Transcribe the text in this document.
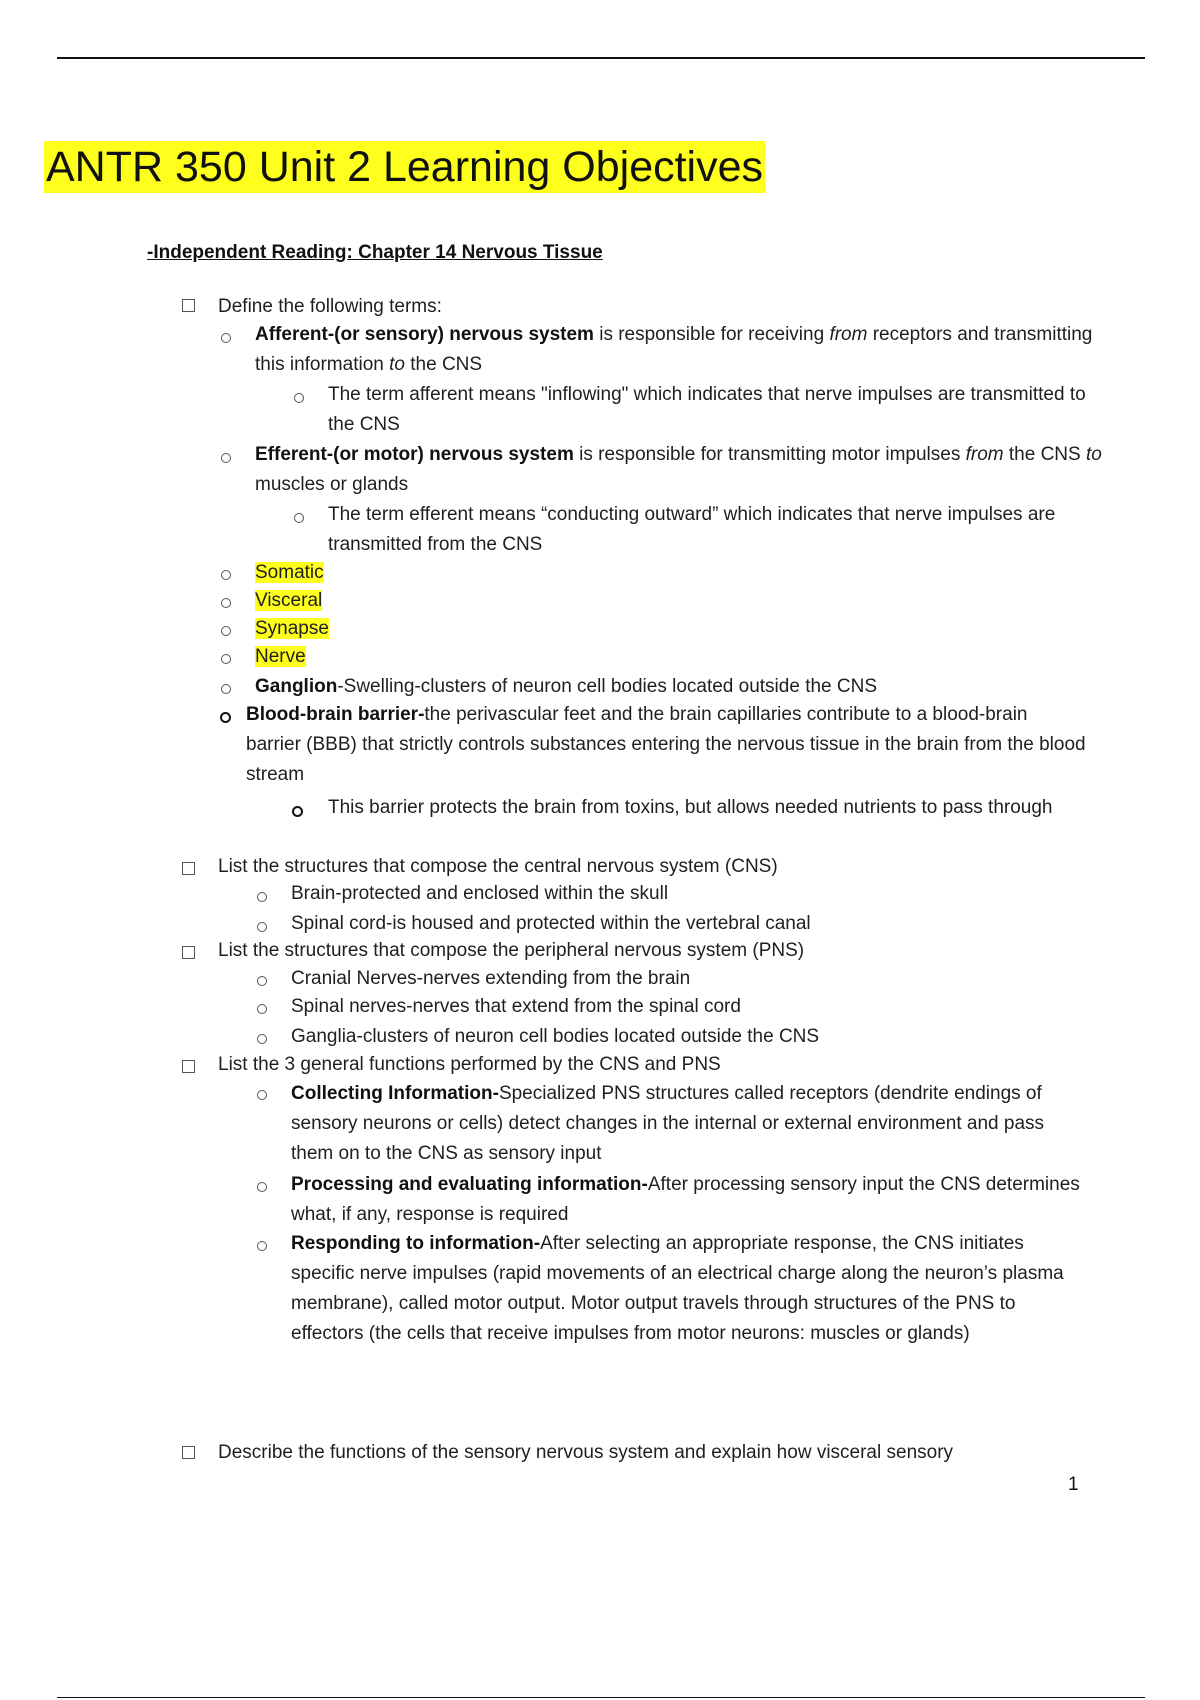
ANTR 350 Unit 2 Learning Objectives
-Independent Reading: Chapter 14 Nervous Tissue
Define the following terms:
Afferent-(or sensory) nervous system is responsible for receiving from receptors and transmitting this information to the CNS
The term afferent means "inflowing" which indicates that nerve impulses are transmitted to the CNS
Efferent-(or motor) nervous system is responsible for transmitting motor impulses from the CNS to muscles or glands
The term efferent means “conducting outward” which indicates that nerve impulses are transmitted from the CNS
Somatic
Visceral
Synapse
Nerve
Ganglion-Swelling-clusters of neuron cell bodies located outside the CNS
Blood-brain barrier-the perivascular feet and the brain capillaries contribute to a blood-brain barrier (BBB) that strictly controls substances entering the nervous tissue in the brain from the blood stream
This barrier protects the brain from toxins, but allows needed nutrients to pass through
List the structures that compose the central nervous system (CNS)
Brain-protected and enclosed within the skull
Spinal cord-is housed and protected within the vertebral canal
List the structures that compose the peripheral nervous system (PNS)
Cranial Nerves-nerves extending from the brain
Spinal nerves-nerves that extend from the spinal cord
Ganglia-clusters of neuron cell bodies located outside the CNS
List the 3 general functions performed by the CNS and PNS
Collecting Information-Specialized PNS structures called receptors (dendrite endings of sensory neurons or cells) detect changes in the internal or external environment and pass them on to the CNS as sensory input
Processing and evaluating information-After processing sensory input the CNS determines what, if any, response is required
Responding to information-After selecting an appropriate response, the CNS initiates specific nerve impulses (rapid movements of an electrical charge along the neuron’s plasma membrane), called motor output. Motor output travels through structures of the PNS to effectors (the cells that receive impulses from motor neurons: muscles or glands)
Describe the functions of the sensory nervous system and explain how visceral sensory
1
